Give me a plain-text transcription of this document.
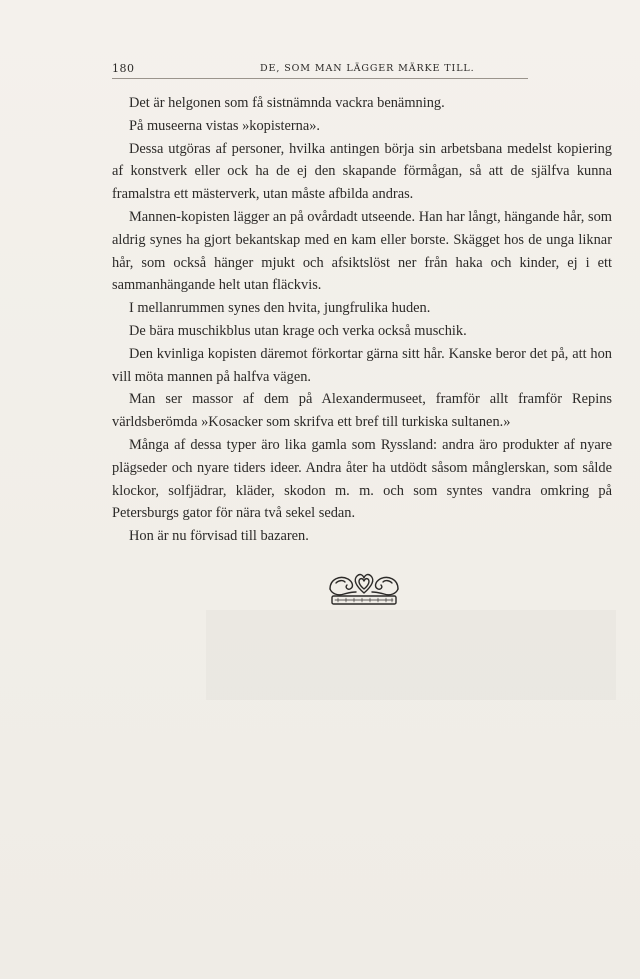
180	DE, SOM MAN LÄGGER MÄRKE TILL.

Det är helgonen som få sistnämnda vackra benämning.

På museerna vistas »kopisterna».

Dessa utgöras af personer, hvilka antingen börja sin arbetsbana medelst kopiering af konstverk eller ock ha de ej den skapande förmågan, så att de själfva kunna framalstra ett mästerverk, utan måste afbilda andras.

Mannen-kopisten lägger an på ovårdadt utseende. Han har långt, hängande hår, som aldrig synes ha gjort bekantskap med en kam eller borste. Skägget hos de unga liknar hår, som också hänger mjukt och afsiktslöst ner från haka och kinder, ej i ett sammanhängande helt utan fläckvis.

I mellanrummen synes den hvita, jungfrulika huden.

De bära muschikblus utan krage och verka också muschik.

Den kvinliga kopisten däremot förkortar gärna sitt hår. Kanske beror det på, att hon vill möta mannen på halfva vägen.

Man ser massor af dem på Alexandermuseet, framför allt framför Repins världsberömda »Kosacker som skrifva ett bref till turkiska sultanen.»

Många af dessa typer äro lika gamla som Ryssland: andra äro produkter af nyare plägseder och nyare tiders ideer. Andra åter ha utdödt såsom månglerskan, som sålde klockor, solfjädrar, kläder, skodon m. m. och som syntes vandra omkring på Petersburgs gator för nära två sekel sedan.

Hon är nu förvisad till bazaren.
